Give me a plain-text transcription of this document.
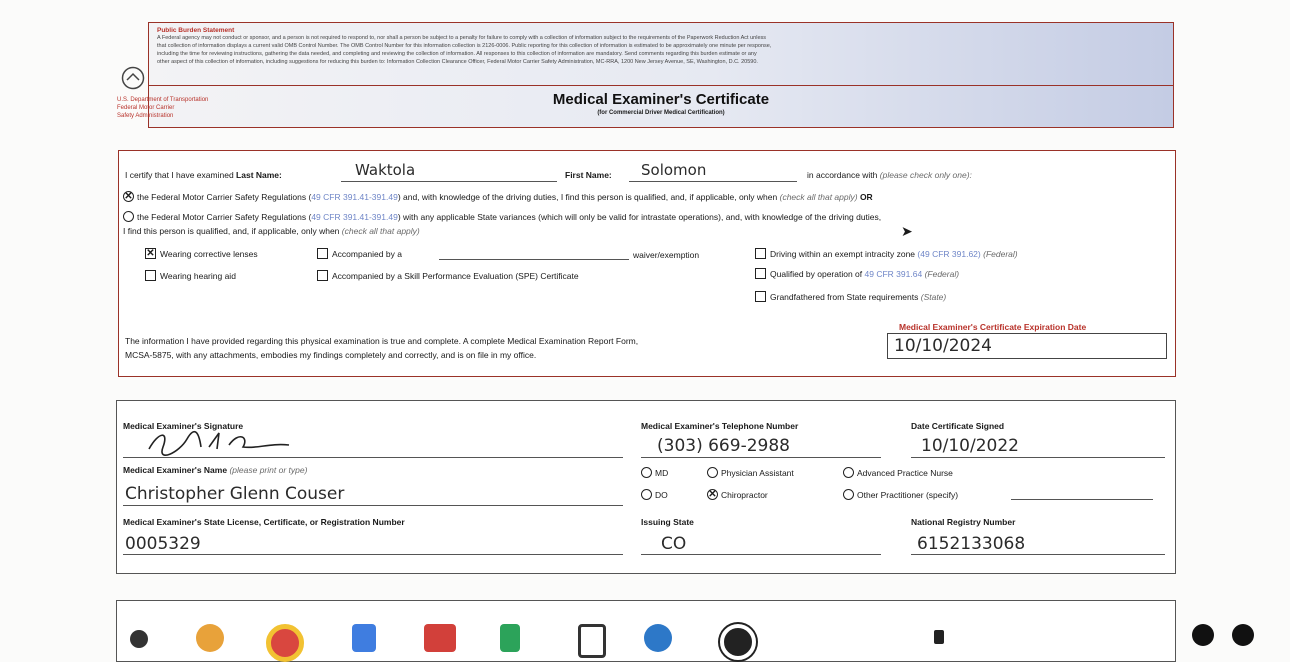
Public Burden Statement
A Federal agency may not conduct or sponsor, and a person is not required to respond to, nor shall a person be subject to a penalty for failure to comply with a collection of information subject to the requirements of the Paperwork Reduction Act unless
that collection of information displays a current valid OMB Control Number. The OMB Control Number for this information collection is 2126-0006. Public reporting for this collection of information is estimated to be approximately one minute per response,
including the time for reviewing instructions, gathering the data needed, and completing and reviewing the collection of information. All responses to this collection of information are mandatory. Send comments regarding this burden estimate or any
other aspect of this collection of information, including suggestions for reducing this burden to: Information Collection Clearance Officer, Federal Motor Carrier Safety Administration, MC-RRA, 1200 New Jersey Avenue, SE, Washington, D.C. 20590.
U.S. Department of Transportation
Federal Motor Carrier
Safety Administration
Medical Examiner's Certificate
(for Commercial Driver Medical Certification)
I certify that I have examined Last Name:	Waktola	First Name: Solomon	in accordance with (please check only one):
✕ the Federal Motor Carrier Safety Regulations (49 CFR 391.41-391.49) and, with knowledge of the driving duties, I find this person is qualified, and, if applicable, only when (check all that apply) OR
the Federal Motor Carrier Safety Regulations (49 CFR 391.41-391.49) with any applicable State variances (which will only be valid for intrastate operations), and, with knowledge of the driving duties,
I find this person is qualified, and, if applicable, only when (check all that apply)	➤
✕ Wearing corrective lenses
Wearing hearing aid
Accompanied by a	waiver/exemption
Accompanied by a Skill Performance Evaluation (SPE) Certificate
Driving within an exempt intracity zone (49 CFR 391.62) (Federal)
Qualified by operation of 49 CFR 391.64 (Federal)
Grandfathered from State requirements (State)
The information I have provided regarding this physical examination is true and complete. A complete Medical Examination Report Form,
MCSA-5875, with any attachments, embodies my findings completely and correctly, and is on file in my office.
Medical Examiner's Certificate Expiration Date
10/10/2024
Medical Examiner's Signature	Medical Examiner's Telephone Number
(303) 669-2988
Date Certificate Signed
10/10/2022
Medical Examiner's Name (please print or type)
Christopher Glenn Couser
MD
DO
Physician Assistant
✕ Chiropractor
Advanced Practice Nurse
Other Practitioner (specify)
Medical Examiner's State License, Certificate, or Registration Number
0005329
Issuing State
CO
National Registry Number
6152133068
